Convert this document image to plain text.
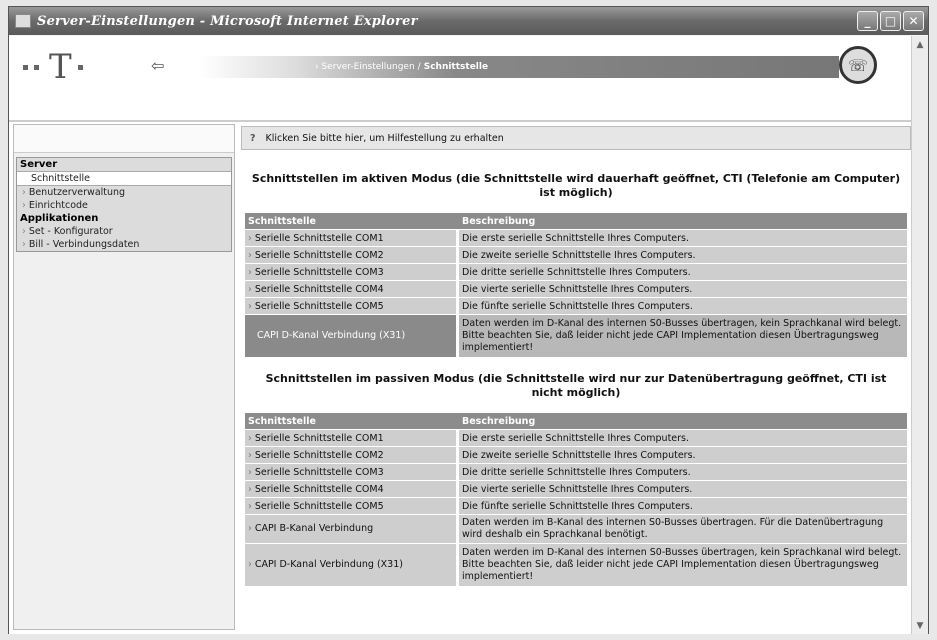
Server-Einstellungen - Microsoft Internet Explorer	_	□	✕
T	⇦	› Server-Einstellungen / Schnittstelle	☏
Server
Schnittstelle
› Benutzerverwaltung
› Einrichtcode
Applikationen
› Set - Konfigurator
› Bill - Verbindungsdaten
? Klicken Sie bitte hier, um Hilfestellung zu erhalten
Schnittstellen im aktiven Modus (die Schnittstelle wird dauerhaft geöffnet, CTI (Telefonie am Computer) ist möglich)
Schnittstelle	Beschreibung
› Serielle Schnittstelle COM1	Die erste serielle Schnittstelle Ihres Computers.
› Serielle Schnittstelle COM2	Die zweite serielle Schnittstelle Ihres Computers.
› Serielle Schnittstelle COM3	Die dritte serielle Schnittstelle Ihres Computers.
› Serielle Schnittstelle COM4	Die vierte serielle Schnittstelle Ihres Computers.
› Serielle Schnittstelle COM5	Die fünfte serielle Schnittstelle Ihres Computers.
CAPI D-Kanal Verbindung (X31)	Daten werden im D-Kanal des internen S0-Busses übertragen, kein Sprachkanal wird belegt. Bitte beachten Sie, daß leider nicht jede CAPI Implementation diesen Übertragungsweg implementiert!
Schnittstellen im passiven Modus (die Schnittstelle wird nur zur Datenübertragung geöffnet, CTI ist nicht möglich)
Schnittstelle	Beschreibung
› Serielle Schnittstelle COM1	Die erste serielle Schnittstelle Ihres Computers.
› Serielle Schnittstelle COM2	Die zweite serielle Schnittstelle Ihres Computers.
› Serielle Schnittstelle COM3	Die dritte serielle Schnittstelle Ihres Computers.
› Serielle Schnittstelle COM4	Die vierte serielle Schnittstelle Ihres Computers.
› Serielle Schnittstelle COM5	Die fünfte serielle Schnittstelle Ihres Computers.
› CAPI B-Kanal Verbindung	Daten werden im B-Kanal des internen S0-Busses übertragen. Für die Datenübertragung wird deshalb ein Sprachkanal benötigt.
› CAPI D-Kanal Verbindung (X31)	Daten werden im D-Kanal des internen S0-Busses übertragen, kein Sprachkanal wird belegt. Bitte beachten Sie, daß leider nicht jede CAPI Implementation diesen Übertragungsweg implementiert!
▲
▼
